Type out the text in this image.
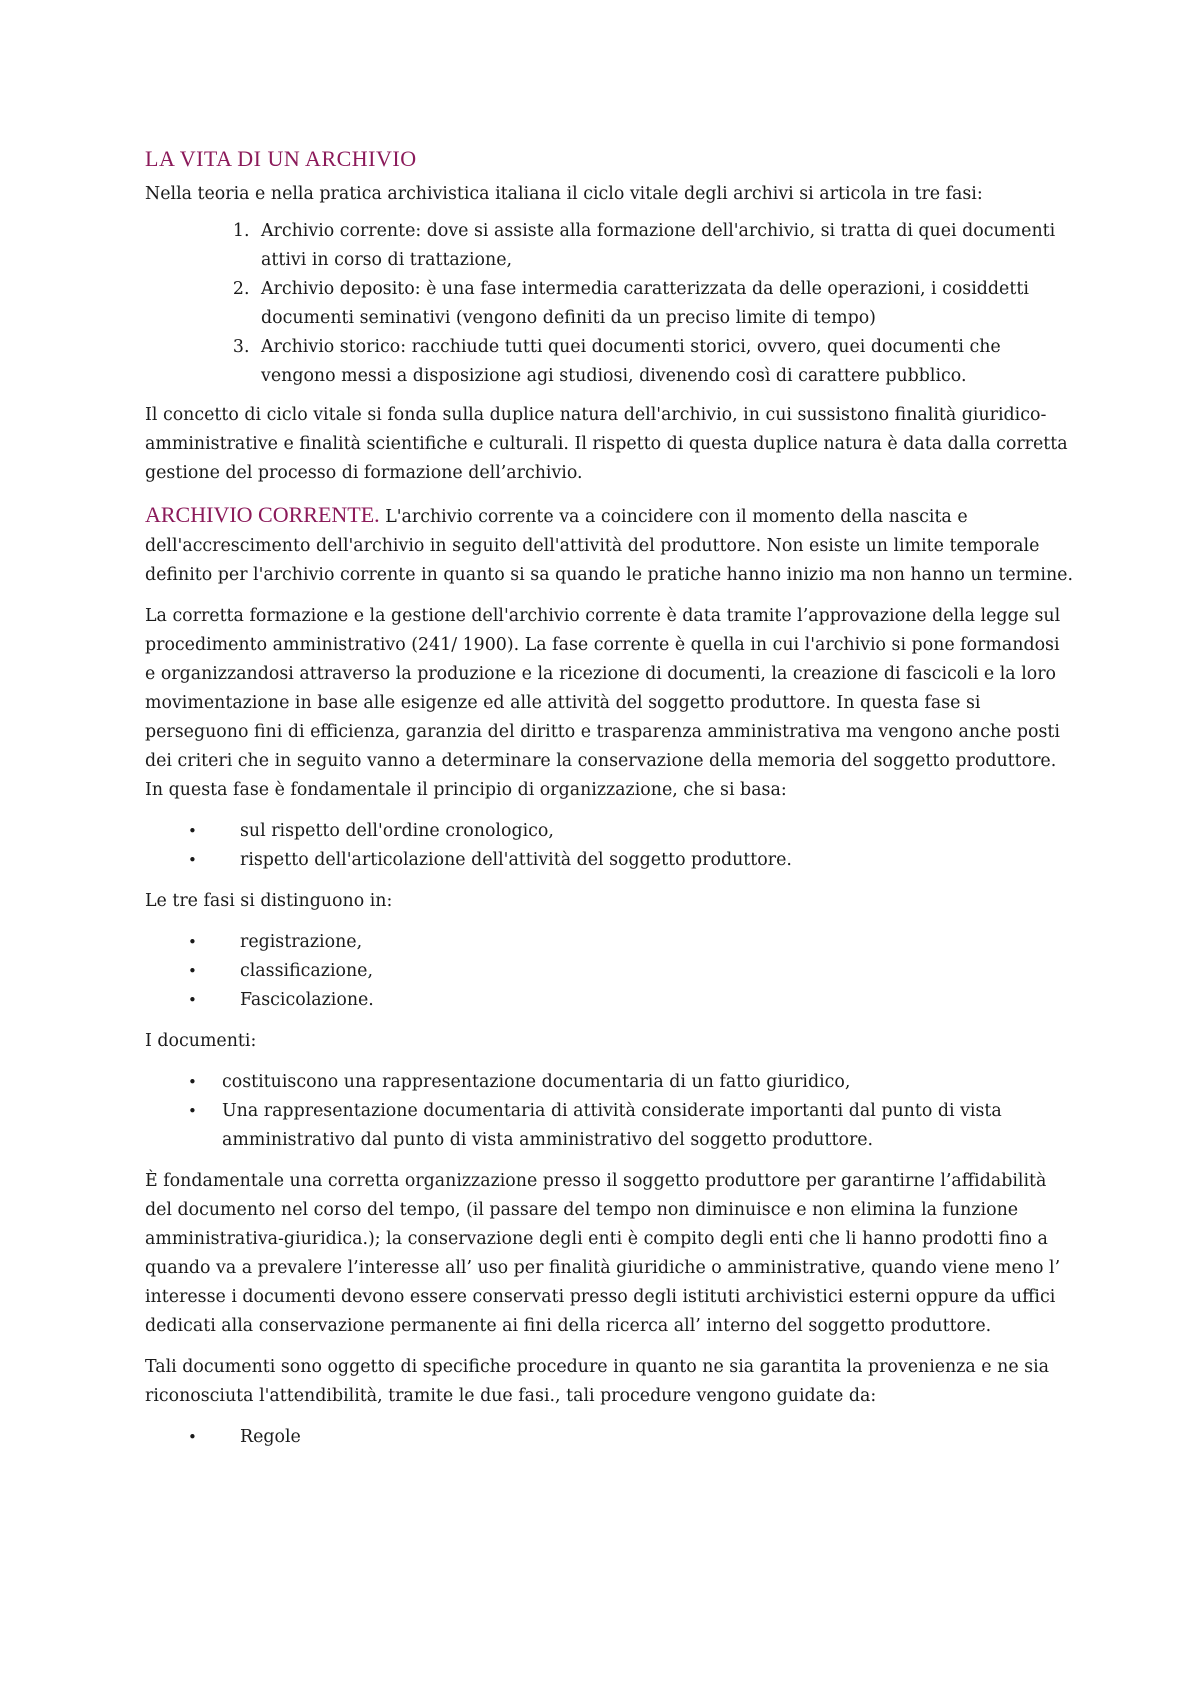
LA VITA DI UN ARCHIVIO

Nella teoria e nella pratica archivistica italiana il ciclo vitale degli archivi si articola in tre fasi:

1. Archivio corrente: dove si assiste alla formazione dell'archivio, si tratta di quei documenti attivi in corso di trattazione,
2. Archivio deposito: è una fase intermedia caratterizzata da delle operazioni, i cosiddetti documenti seminativi (vengono definiti da un preciso limite di tempo)
3. Archivio storico: racchiude tutti quei documenti storici, ovvero, quei documenti che vengono messi a disposizione agi studiosi, divenendo così di carattere pubblico.

Il concetto di ciclo vitale si fonda sulla duplice natura dell'archivio, in cui sussistono finalità giuridico- amministrative e finalità scientifiche e culturali. Il rispetto di questa duplice natura è data dalla corretta gestione del processo di formazione dell’archivio.

ARCHIVIO CORRENTE. L'archivio corrente va a coincidere con il momento della nascita e dell'accrescimento dell'archivio in seguito dell'attività del produttore. Non esiste un limite temporale definito per l'archivio corrente in quanto si sa quando le pratiche hanno inizio ma non hanno un termine.

La corretta formazione e la gestione dell'archivio corrente è data tramite l’approvazione della legge sul procedimento amministrativo (241/ 1900). La fase corrente è quella in cui l'archivio si pone formandosi e organizzandosi attraverso la produzione e la ricezione di documenti, la creazione di fascicoli e la loro movimentazione in base alle esigenze ed alle attività del soggetto produttore. In questa fase si perseguono fini di efficienza, garanzia del diritto e trasparenza amministrativa ma vengono anche posti dei criteri che in seguito vanno a determinare la conservazione della memoria del soggetto produttore. In questa fase è fondamentale il principio di organizzazione, che si basa:

• sul rispetto dell'ordine cronologico,
• rispetto dell'articolazione dell'attività del soggetto produttore.

Le tre fasi si distinguono in:

• registrazione,
• classificazione,
• Fascicolazione.

I documenti:

• costituiscono una rappresentazione documentaria di un fatto giuridico,
• Una rappresentazione documentaria di attività considerate importanti dal punto di vista amministrativo dal punto di vista amministrativo del soggetto produttore.

È fondamentale una corretta organizzazione presso il soggetto produttore per garantirne l’affidabilità del documento nel corso del tempo, (il passare del tempo non diminuisce e non elimina la funzione amministrativa-giuridica.); la conservazione degli enti è compito degli enti che li hanno prodotti fino a quando va a prevalere l’interesse all’ uso per finalità giuridiche o amministrative, quando viene meno l’ interesse i documenti devono essere conservati presso degli istituti archivistici esterni oppure da uffici dedicati alla conservazione permanente ai fini della ricerca all’ interno del soggetto produttore.

Tali documenti sono oggetto di specifiche procedure in quanto ne sia garantita la provenienza e ne sia riconosciuta l'attendibilità, tramite le due fasi., tali procedure vengono guidate da:

• Regole
